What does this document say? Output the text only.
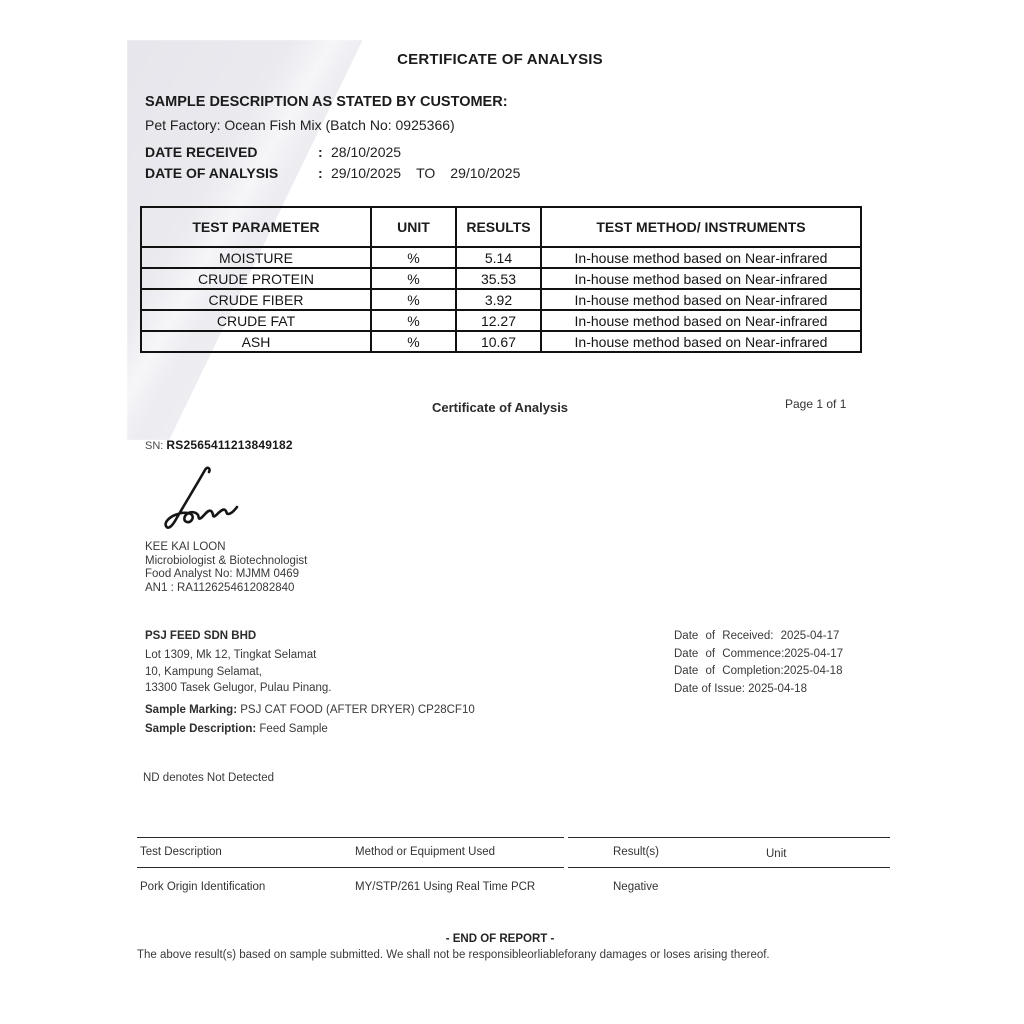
CERTIFICATE OF ANALYSIS
SAMPLE DESCRIPTION AS STATED BY CUSTOMER:
Pet Factory: Ocean Fish Mix (Batch No: 0925366)
DATE RECEIVED	: 28/10/2025
DATE OF ANALYSIS	: 29/10/2025 TO 29/10/2025
TEST PARAMETER	UNIT	RESULTS	TEST METHOD/ INSTRUMENTS
MOISTURE	%	5.14	In-house method based on Near-infrared
CRUDE PROTEIN	%	35.53	In-house method based on Near-infrared
CRUDE FIBER	%	3.92	In-house method based on Near-infrared
CRUDE FAT	%	12.27	In-house method based on Near-infrared
ASH	%	10.67	In-house method based on Near-infrared
Certificate of Analysis	Page 1 of 1
SN: RS2565411213849182
KEE KAI LOON
Microbiologist & Biotechnologist
Food Analyst No: MJMM 0469
AN1 : RA1126254612082840
PSJ FEED SDN BHD
Lot 1309, Mk 12, Tingkat Selamat
10, Kampung Selamat,
13300 Tasek Gelugor, Pulau Pinang.
Date of Received: 2025-04-17
Date of Commence:2025-04-17
Date of Completion:2025-04-18
Date of Issue: 2025-04-18
Sample Marking: PSJ CAT FOOD (AFTER DRYER) CP28CF10
Sample Description: Feed Sample
ND denotes Not Detected
Test Description	Method or Equipment Used	Result(s)	Unit
Pork Origin Identification	MY/STP/261 Using Real Time PCR	Negative
- END OF REPORT -
The above result(s) based on sample submitted. We shall not be responsibleorliableforany damages or loses arising thereof.
